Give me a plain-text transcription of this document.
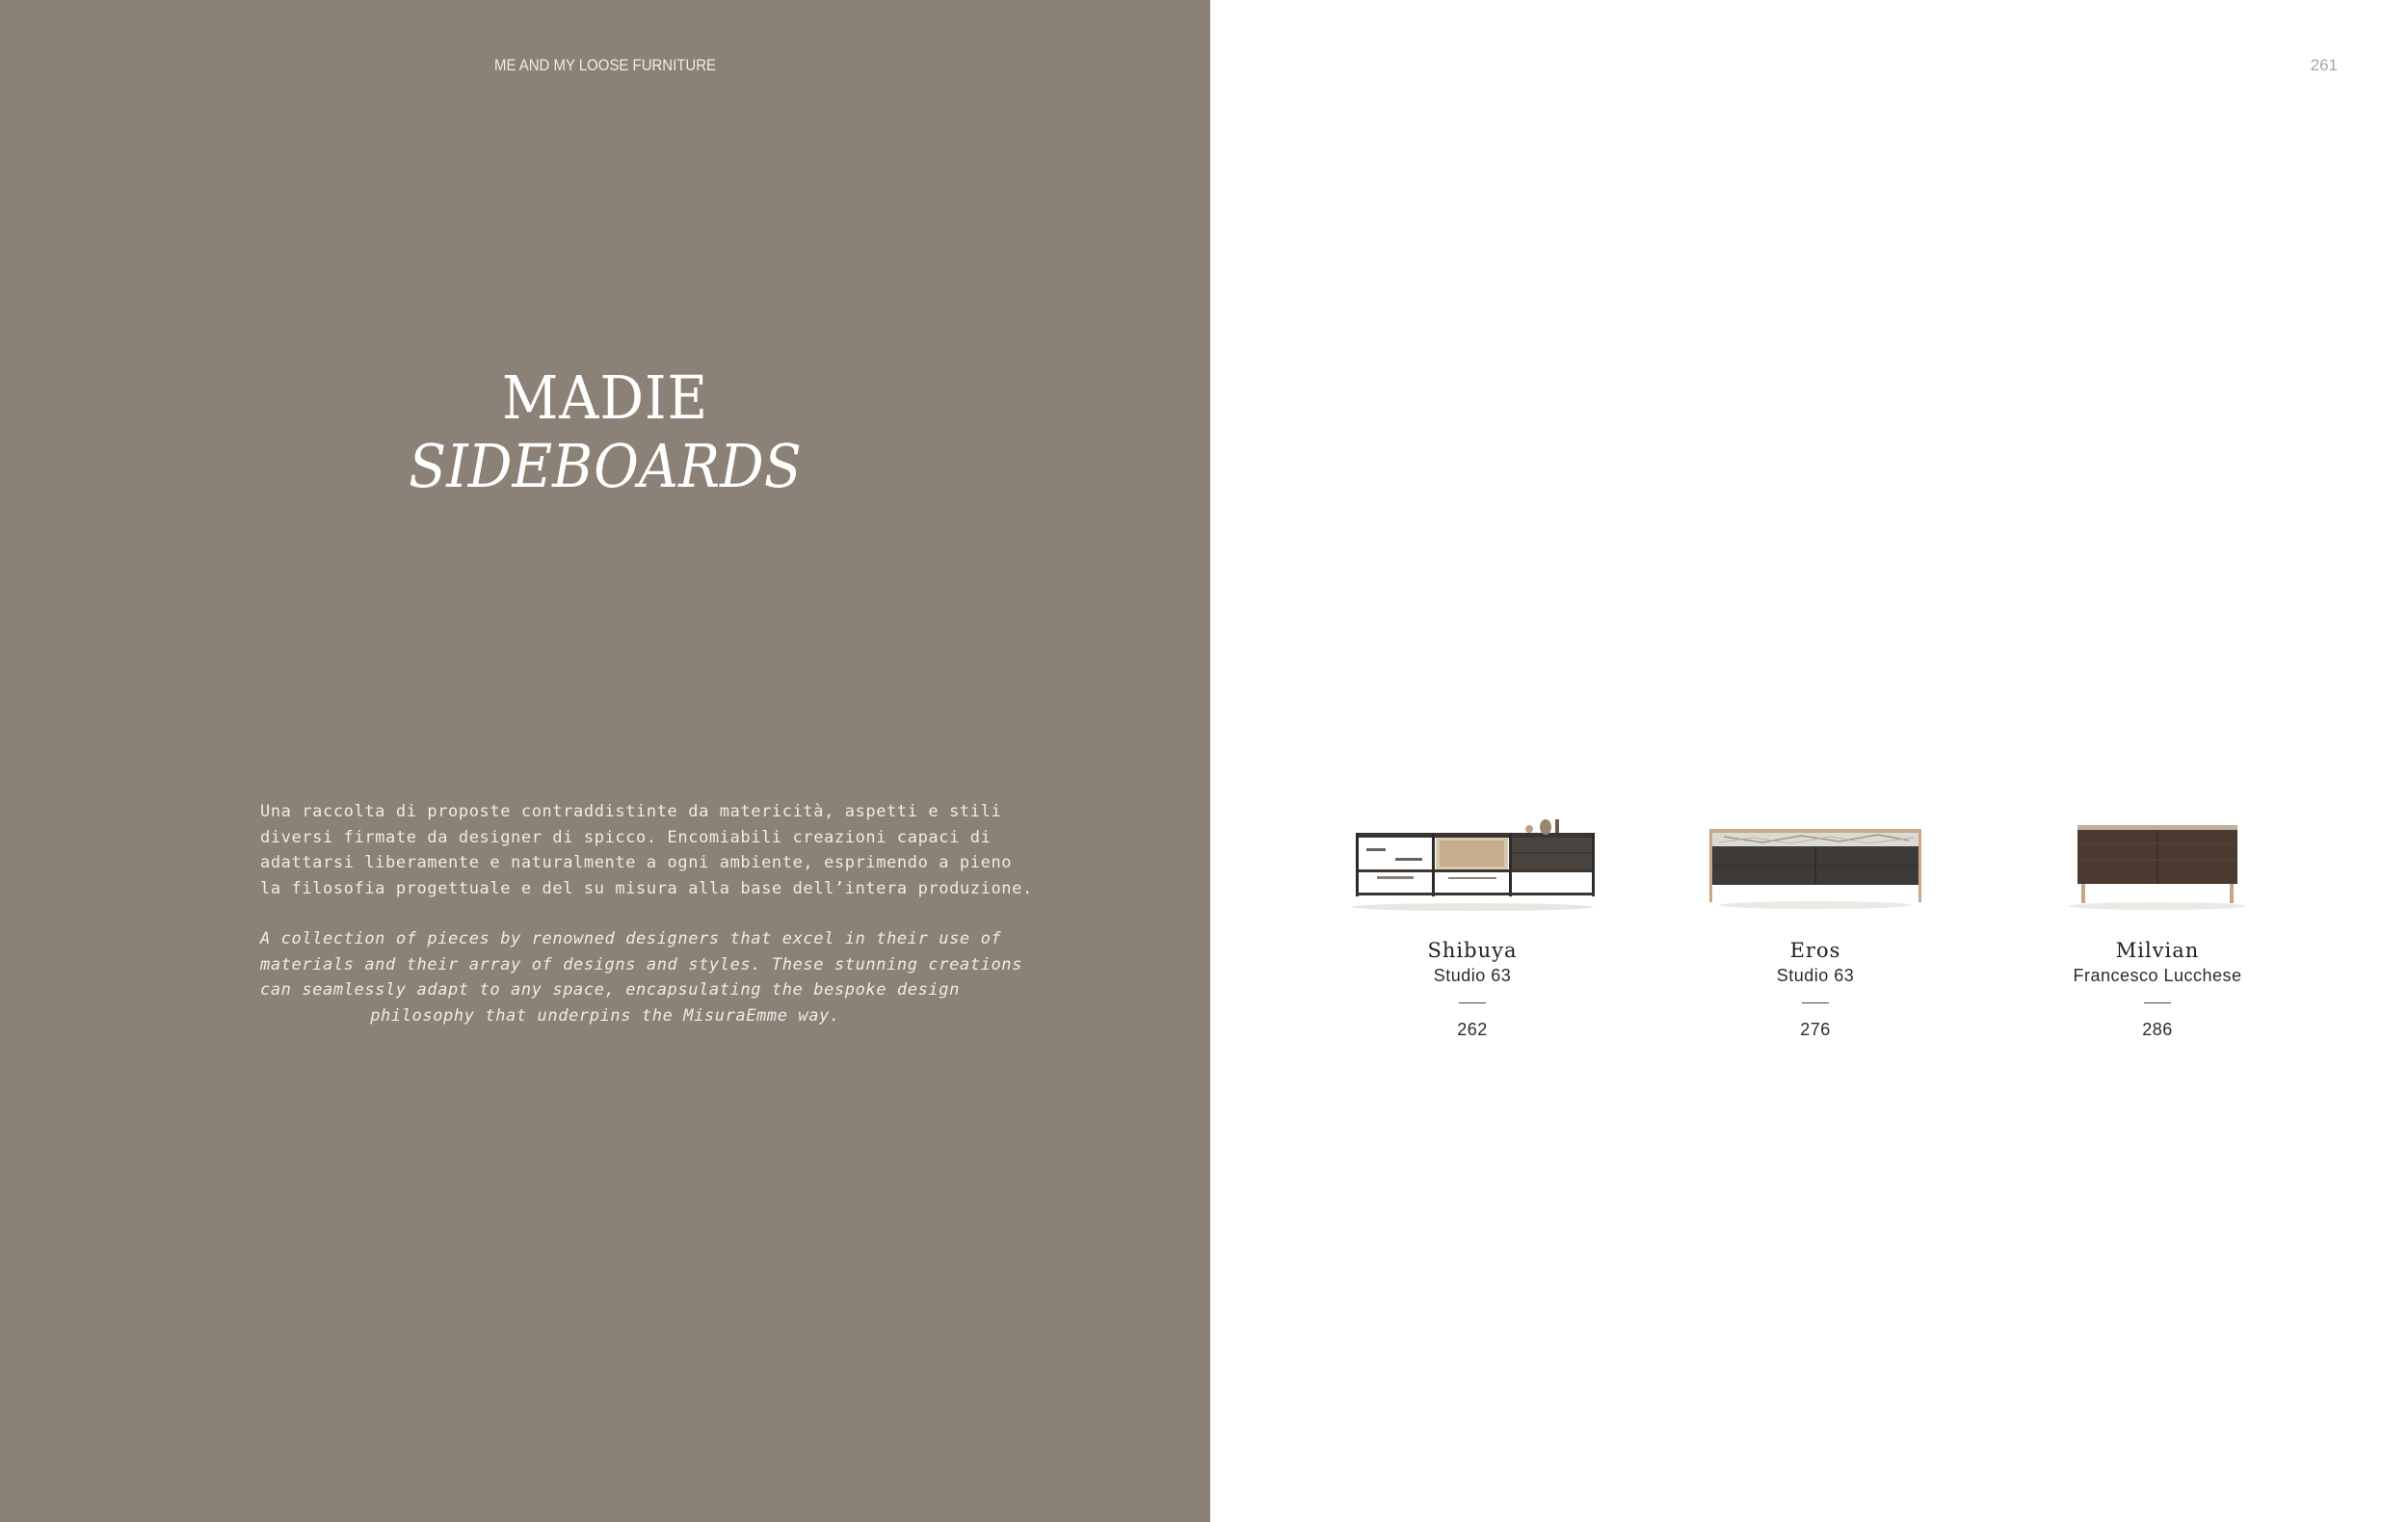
ME AND MY LOOSE FURNITURE
MADIE
SIDEBOARDS
Una raccolta di proposte contraddistinte da matericità, aspetti e stili
diversi firmate da designer di spicco. Encomiabili creazioni capaci di
adattarsi liberamente e naturalmente a ogni ambiente, esprimendo a pieno
la filosofia progettuale e del su misura alla base dell’intera produzione.
A collection of pieces by renowned designers that excel in their use of
materials and their array of designs and styles. These stunning creations
can seamlessly adapt to any space, encapsulating the bespoke design
philosophy that underpins the MisuraEmme way.
261
Shibuya
Studio 63
262
Eros
Studio 63
276
Milvian
Francesco Lucchese
286
